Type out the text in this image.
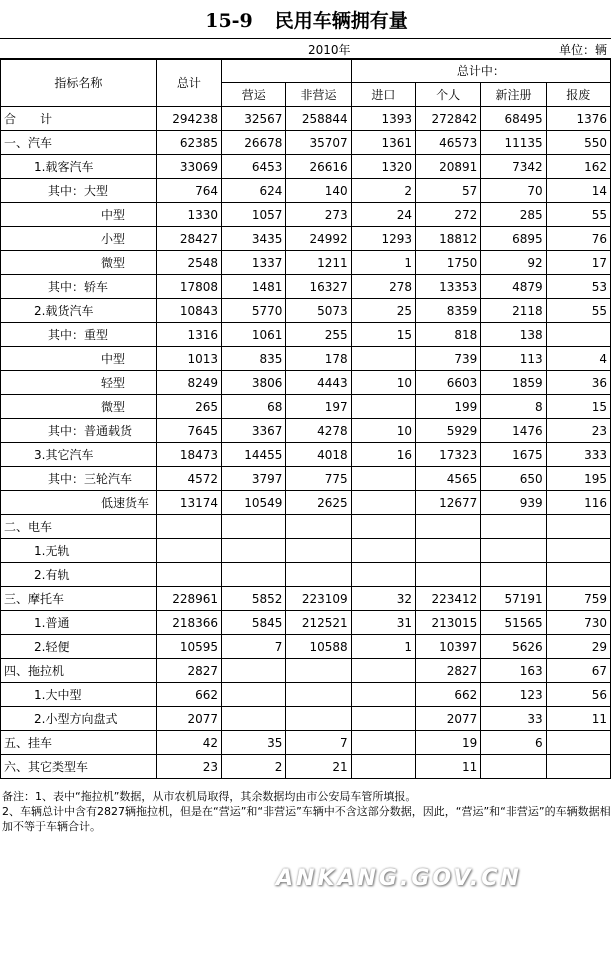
15-9 民用车辆拥有量
2010年	单位：辆
指标名称	总计			总计中：			
		营运	非营运	进口	个人	新注册	报废
合　　计	294238	32567	258844	1393	272842	68495	1376
一、汽车	62385	26678	35707	1361	46573	11135	550
1.载客汽车	33069	6453	26616	1320	20891	7342	162
其中：大型	764	624	140	2	57	70	14
中型	1330	1057	273	24	272	285	55
小型	28427	3435	24992	1293	18812	6895	76
微型	2548	1337	1211	1	1750	92	17
其中：轿车	17808	1481	16327	278	13353	4879	53
2.载货汽车	10843	5770	5073	25	8359	2118	55
其中：重型	1316	1061	255	15	818	138	
中型	1013	835	178		739	113	4
轻型	8249	3806	4443	10	6603	1859	36
微型	265	68	197		199	8	15
其中：普通载货	7645	3367	4278	10	5929	1476	23
3.其它汽车	18473	14455	4018	16	17323	1675	333
其中：三轮汽车	4572	3797	775		4565	650	195
低速货车	13174	10549	2625		12677	939	116
二、电车							
1.无轨							
2.有轨							
三、摩托车	228961	5852	223109	32	223412	57191	759
1.普通	218366	5845	212521	31	213015	51565	730
2.轻便	10595	7	10588	1	10397	5626	29
四、拖拉机	2827				2827	163	67
1.大中型	662				662	123	56
2.小型方向盘式	2077				2077	33	11
五、挂车	42	35	7		19	6	
六、其它类型车	23	2	21		11		
备注：1、表中“拖拉机”数据，从市农机局取得，其余数据均由市公安局车管所填报。
2、车辆总计中含有2827辆拖拉机，但是在“营运”和“非营运”车辆中不含这部分数据，因此，“营运”和“非营运”的车辆数据相加不等于车辆合计。
ANKANG.GOV.CN
